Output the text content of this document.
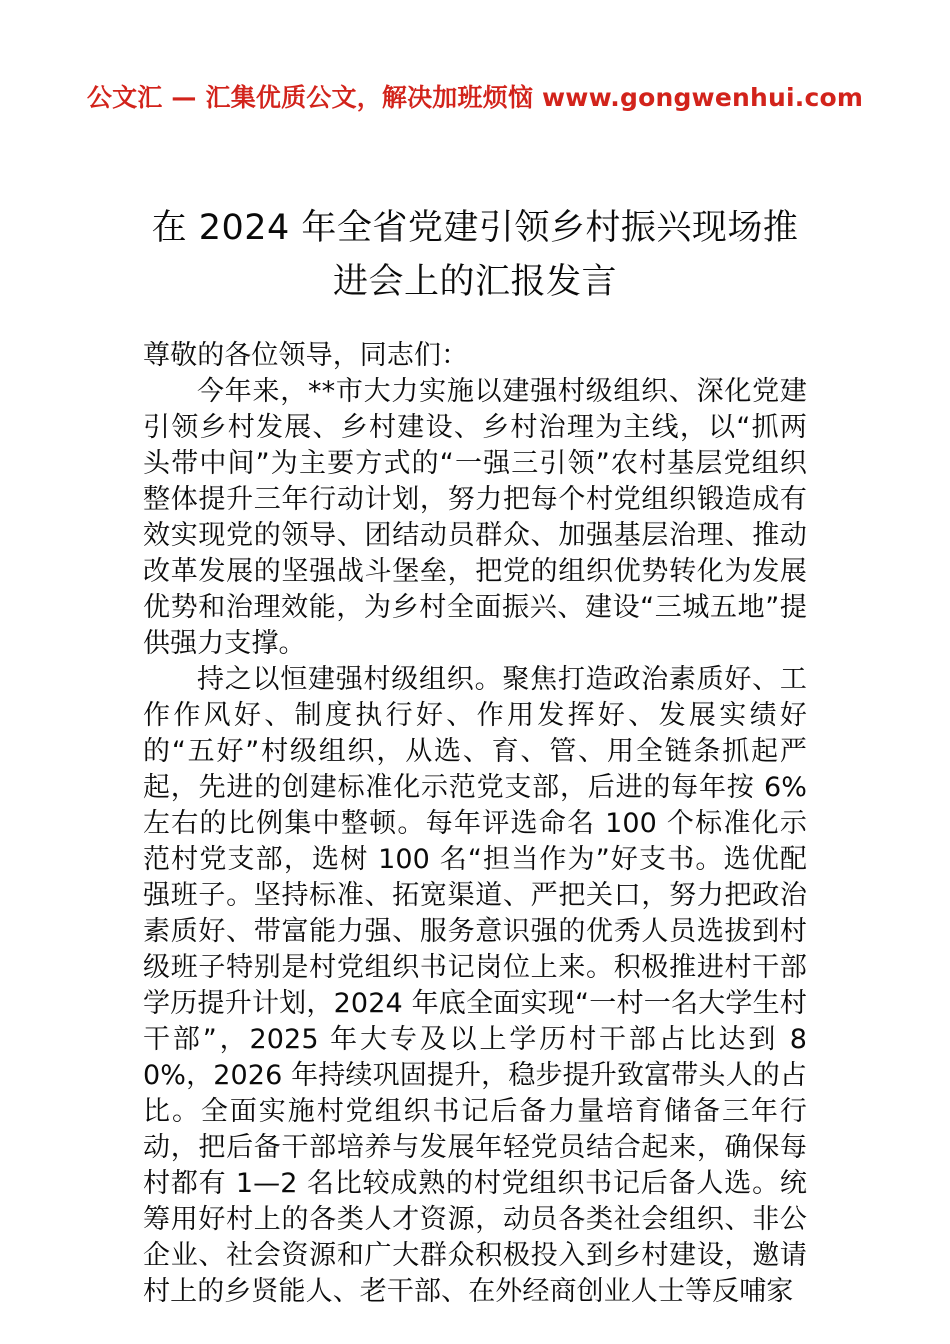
公文汇 — 汇集优质公文，解决加班烦恼 www.gongwenhui.com
在 2024 年全省党建引领乡村振兴现场推进会上的汇报发言

尊敬的各位领导，同志们：

今年来，**市大力实施以建强村级组织、深化党建引领乡村发展、乡村建设、乡村治理为主线，以“抓两头带中间”为主要方式的“一强三引领”农村基层党组织整体提升三年行动计划，努力把每个村党组织锻造成有效实现党的领导、团结动员群众、加强基层治理、推动改革发展的坚强战斗堡垒，把党的组织优势转化为发展优势和治理效能，为乡村全面振兴、建设“三城五地”提供强力支撑。

持之以恒建强村级组织。聚焦打造政治素质好、工作作风好、制度执行好、作用发挥好、发展实绩好的“五好”村级组织，从选、育、管、用全链条抓起严起，先进的创建标准化示范党支部，后进的每年按 6%左右的比例集中整顿。每年评选命名 100 个标准化示范村党支部，选树 100 名“担当作为”好支书。选优配强班子。坚持标准、拓宽渠道、严把关口，努力把政治素质好、带富能力强、服务意识强的优秀人员选拔到村级班子特别是村党组织书记岗位上来。积极推进村干部学历提升计划，2024 年底全面实现“一村一名大学生村干部”，2025 年大专及以上学历村干部占比达到 80%，2026 年持续巩固提升，稳步提升致富带头人的占比。全面实施村党组织书记后备力量培育储备三年行动，把后备干部培养与发展年轻党员结合起来，确保每村都有 1—2 名比较成熟的村党组织书记后备人选。统筹用好村上的各类人才资源，动员各类社会组织、非公企业、社会资源和广大群众积极投入到乡村建设，邀请村上的乡贤能人、老干部、在外经商创业人士等反哺家
